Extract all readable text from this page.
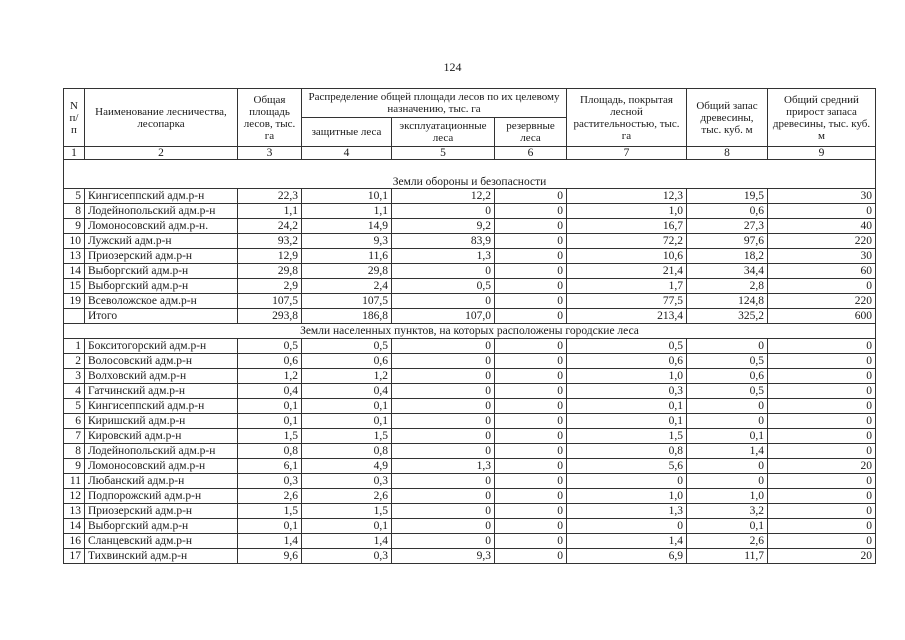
124
N п/п	Наименование лесничества, лесопарка	Общая площадь лесов, тыс. га	Распределение общей площади лесов по их целевому назначению, тыс. га			Площадь, покрытая лесной растительностью, тыс. га	Общий запас древесины, тыс. куб. м	Общий средний прирост запаса древесины, тыс. куб. м
			защитные леса	эксплуатационные леса	резервные леса			
1	2	3	4	5	6	7	8	9
Земли обороны и безопасности								
5	Кингисеппский адм.р-н	22,3	10,1	12,2	0	12,3	19,5	30
8	Лодейнопольский адм.р-н	1,1	1,1	0	0	1,0	0,6	0
9	Ломоносовский адм.р-н.	24,2	14,9	9,2	0	16,7	27,3	40
10	Лужский адм.р-н	93,2	9,3	83,9	0	72,2	97,6	220
13	Приозерский адм.р-н	12,9	11,6	1,3	0	10,6	18,2	30
14	Выборгский адм.р-н	29,8	29,8	0	0	21,4	34,4	60
15	Выборгский адм.р-н	2,9	2,4	0,5	0	1,7	2,8	0
19	Всеволожское адм.р-н	107,5	107,5	0	0	77,5	124,8	220
	Итого	293,8	186,8	107,0	0	213,4	325,2	600
Земли населенных пунктов, на которых расположены городские леса								
1	Бокситогорский адм.р-н	0,5	0,5	0	0	0,5	0	0
2	Волосовский адм.р-н	0,6	0,6	0	0	0,6	0,5	0
3	Волховский адм.р-н	1,2	1,2	0	0	1,0	0,6	0
4	Гатчинский адм.р-н	0,4	0,4	0	0	0,3	0,5	0
5	Кингисеппский адм.р-н	0,1	0,1	0	0	0,1	0	0
6	Киришский адм.р-н	0,1	0,1	0	0	0,1	0	0
7	Кировский адм.р-н	1,5	1,5	0	0	1,5	0,1	0
8	Лодейнопольский адм.р-н	0,8	0,8	0	0	0,8	1,4	0
9	Ломоносовский адм.р-н	6,1	4,9	1,3	0	5,6	0	20
11	Любанский адм.р-н	0,3	0,3	0	0	0	0	0
12	Подпорожский адм.р-н	2,6	2,6	0	0	1,0	1,0	0
13	Приозерский адм.р-н	1,5	1,5	0	0	1,3	3,2	0
14	Выборгский адм.р-н	0,1	0,1	0	0	0	0,1	0
16	Сланцевский адм.р-н	1,4	1,4	0	0	1,4	2,6	0
17	Тихвинский адм.р-н	9,6	0,3	9,3	0	6,9	11,7	20
